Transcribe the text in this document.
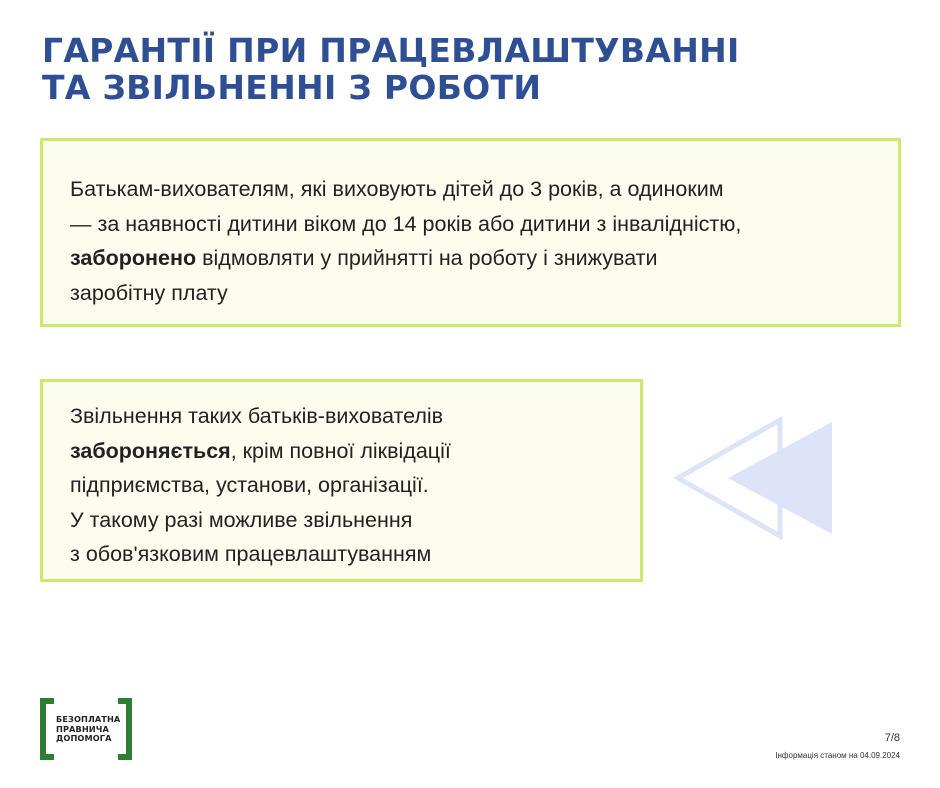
ГАРАНТІЇ ПРИ ПРАЦЕВЛАШТУВАННІ
ТА ЗВІЛЬНЕННІ З РОБОТИ

Батькам-вихователям, які виховують дітей до 3 років, а одиноким
— за наявності дитини віком до 14 років або дитини з інвалідністю,
заборонено відмовляти у прийнятті на роботу і знижувати
заробітну плату

Звільнення таких батьків-вихователів
забороняється, крім повної ліквідації
підприємства, установи, організації.
У такому разі можливе звільнення
з обов'язковим працевлаштуванням

БЕЗОПЛАТНА
ПРАВНИЧА
ДОПОМОГА	7/8
Інформація станом на 04.09.2024
